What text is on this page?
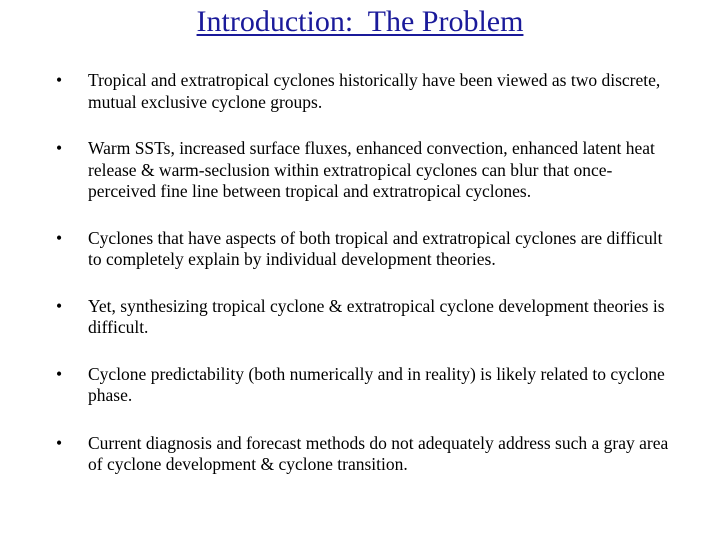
Introduction:  The Problem
• Tropical and extratropical cyclones historically have been viewed as two discrete, mutual exclusive cyclone groups.
• Warm SSTs, increased surface fluxes, enhanced convection, enhanced latent heat release & warm-seclusion within extratropical cyclones can blur that once-perceived fine line between tropical and extratropical cyclones.
• Cyclones that have aspects of both tropical and extratropical cyclones are difficult to completely explain by individual development theories.
• Yet, synthesizing tropical cyclone & extratropical cyclone development theories is difficult.
• Cyclone predictability (both numerically and in reality) is likely related to cyclone phase.
• Current diagnosis and forecast methods do not adequately address such a gray area of cyclone development & cyclone transition.
